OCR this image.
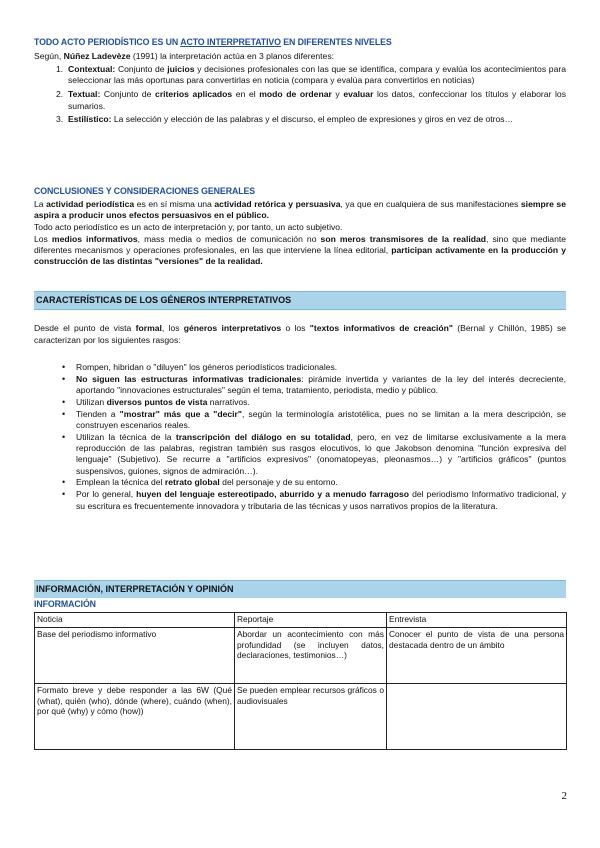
TODO ACTO PERIODÍSTICO ES UN ACTO INTERPRETATIVO EN DIFERENTES NIVELES
Según, Núñez Ladevèze (1991) la interpretación actúa en 3 planos diferentes:
1. Contextual: Conjunto de juicios y decisiones profesionales con las que se identifica, compara y evalúa los acontecimientos para seleccionar las más oportunas para convertirlas en noticia (compara y evalúa para convertirlos en noticias)
2. Textual: Conjunto de criterios aplicados en el modo de ordenar y evaluar los datos, confeccionar los títulos y elaborar los sumarios.
3. Estilístico: La selección y elección de las palabras y el discurso, el empleo de expresiones y giros en vez de otros…
CONCLUSIONES Y CONSIDERACIONES GENERALES
La actividad periodística es en sí misma una actividad retórica y persuasiva, ya que en cualquiera de sus manifestaciones siempre se aspira a producir unos efectos persuasivos en el público.
Todo acto periodístico es un acto de interpretación y, por tanto, un acto subjetivo.
Los medios informativos, mass media o medios de comunicación no son meros transmisores de la realidad, sino que mediante diferentes mecanismos y operaciones profesionales, en las que interviene la línea editorial, participan activamente en la producción y construcción de las distintas "versiones" de la realidad.
CARACTERÍSTICAS DE LOS GÉNEROS INTERPRETATIVOS
Desde el punto de vista formal, los géneros interpretativos o los "textos informativos de creación" (Bernal y Chillón, 1985) se caracterizan por los siguientes rasgos:
• Rompen, hibridan o "diluyen" los géneros periodísticos tradicionales.
• No siguen las estructuras informativas tradicionales: pirámide invertida y variantes de la ley del interés decreciente, aportando "innovaciones estructurales" según el tema, tratamiento, periodista, medio y público.
• Utilizan diversos puntos de vista narrativos.
• Tienden a "mostrar" más que a "decir", según la terminología aristotélica, pues no se limitan a la mera descripción, se construyen escenarios reales.
• Utilizan la técnica de la transcripción del diálogo en su totalidad, pero, en vez de limitarse exclusivamente a la mera reproducción de las palabras, registran también sus rasgos elocutivos, lo que Jakobson denomina "función expresiva del lenguaje" (Subjetivo). Se recurre a "artificios expresivos" (onomatopeyas, pleonasmos…) y "artificios gráficos" (puntos suspensivos, guiones, signos de admiración…).
• Emplean la técnica del retrato global del personaje y de su entorno.
• Por lo general, huyen del lenguaje estereotipado, aburrido y a menudo farragoso del periodismo Informativo tradicional, y su escritura es frecuentemente innovadora y tributaria de las técnicas y usos narrativos propios de la literatura.
INFORMACIÓN, INTERPRETACIÓN Y OPINIÓN
INFORMACIÓN
Noticia	Reportaje	Entrevista
Base del periodismo informativo	Abordar un acontecimiento con más profundidad (se incluyen datos, declaraciones, testimonios…)	Conocer el punto de vista de una persona destacada dentro de un ámbito
Formato breve y debe responder a las 6W (Qué (what), quién (who), dónde (where), cuándo (when), por qué (why) y cómo (how))	Se pueden emplear recursos gráficos o audiovisuales	
2
